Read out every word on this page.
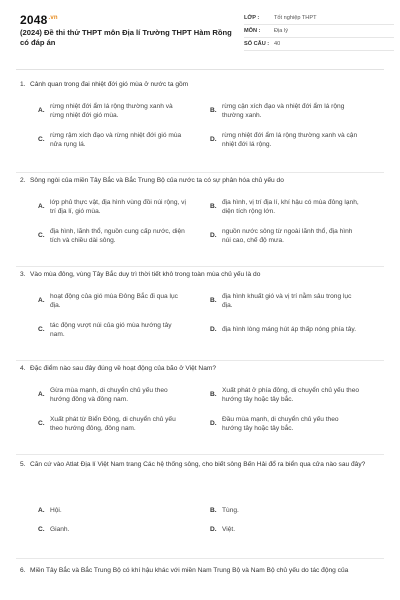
$2048^{.vn}$
(2024) Đề thi thử THPT môn Địa lí Trường THPT Hàm Rồng có đáp án
LỚP :	Tốt nghiệp THPT
MÔN :	Địa lý
SỐ CÂU : 40
1. Cảnh quan trong đai nhiệt đới gió mùa ở nước ta gồm
A.
rừng nhiệt đới ẩm lá rộng thường xanh và rừng nhiệt đới gió mùa.
B.
rừng cận xích đạo và nhiệt đới ẩm lá rộng thường xanh.
C.
rừng rậm xích đạo và rừng nhiệt đới gió mùa nửa rụng lá.
D.
rừng nhiệt đới ẩm lá rộng thường xanh và cận nhiệt đới lá rộng.
2. Sông ngòi của miền Tây Bắc và Bắc Trung Bộ của nước ta có sự phân hóa chủ yếu do
A.
lớp phủ thực vật, địa hình vùng đồi núi rộng, vị trí địa lí, gió mùa.
B.
địa hình, vị trí địa lí, khí hậu có mùa đông lạnh, diện tích rộng lớn.
C.
địa hình, lãnh thổ, nguồn cung cấp nước, diện tích và chiều dài sông.
D.
nguồn nước sông từ ngoài lãnh thổ, địa hình núi cao, chế độ mưa.
3. Vào mùa đông, vùng Tây Bắc duy trì thời tiết khô trong toàn mùa chủ yếu là do
A.
hoạt động của gió mùa Đông Bắc đi qua lục địa.
B.
địa hình khuất gió và vị trí nằm sâu trong lục địa.
C.
tác động vượt núi của gió mùa hướng tây nam.
D. địa hình lòng máng hút áp thấp nóng phía tây.
4. Đặc điểm nào sau đây đúng về hoạt động của bão ở Việt Nam?
A.
Gừa mùa mạnh, di chuyển chủ yếu theo hướng đông và đông nam.
B.
Xuất phát ở phía đông, di chuyển chủ yếu theo hướng tây hoặc tây bắc.
C.
Xuất phát từ Biển Đông, di chuyển chủ yếu theo hướng đông, đông nam.
D.
Đầu mùa mạnh, di chuyển chủ yếu theo hướng tây hoặc tây bắc.
5. Căn cứ vào Atlat Địa lí Việt Nam trang Các hệ thống sông, cho biết sông Bến Hải đổ ra biển qua cửa nào sau đây?
A. Hội.	B. Tùng.
C. Gianh.	D. Việt.
6. Miền Tây Bắc và Bắc Trung Bộ có khí hậu khác với miền Nam Trung Bộ và Nam Bộ chủ yếu do tác động của
